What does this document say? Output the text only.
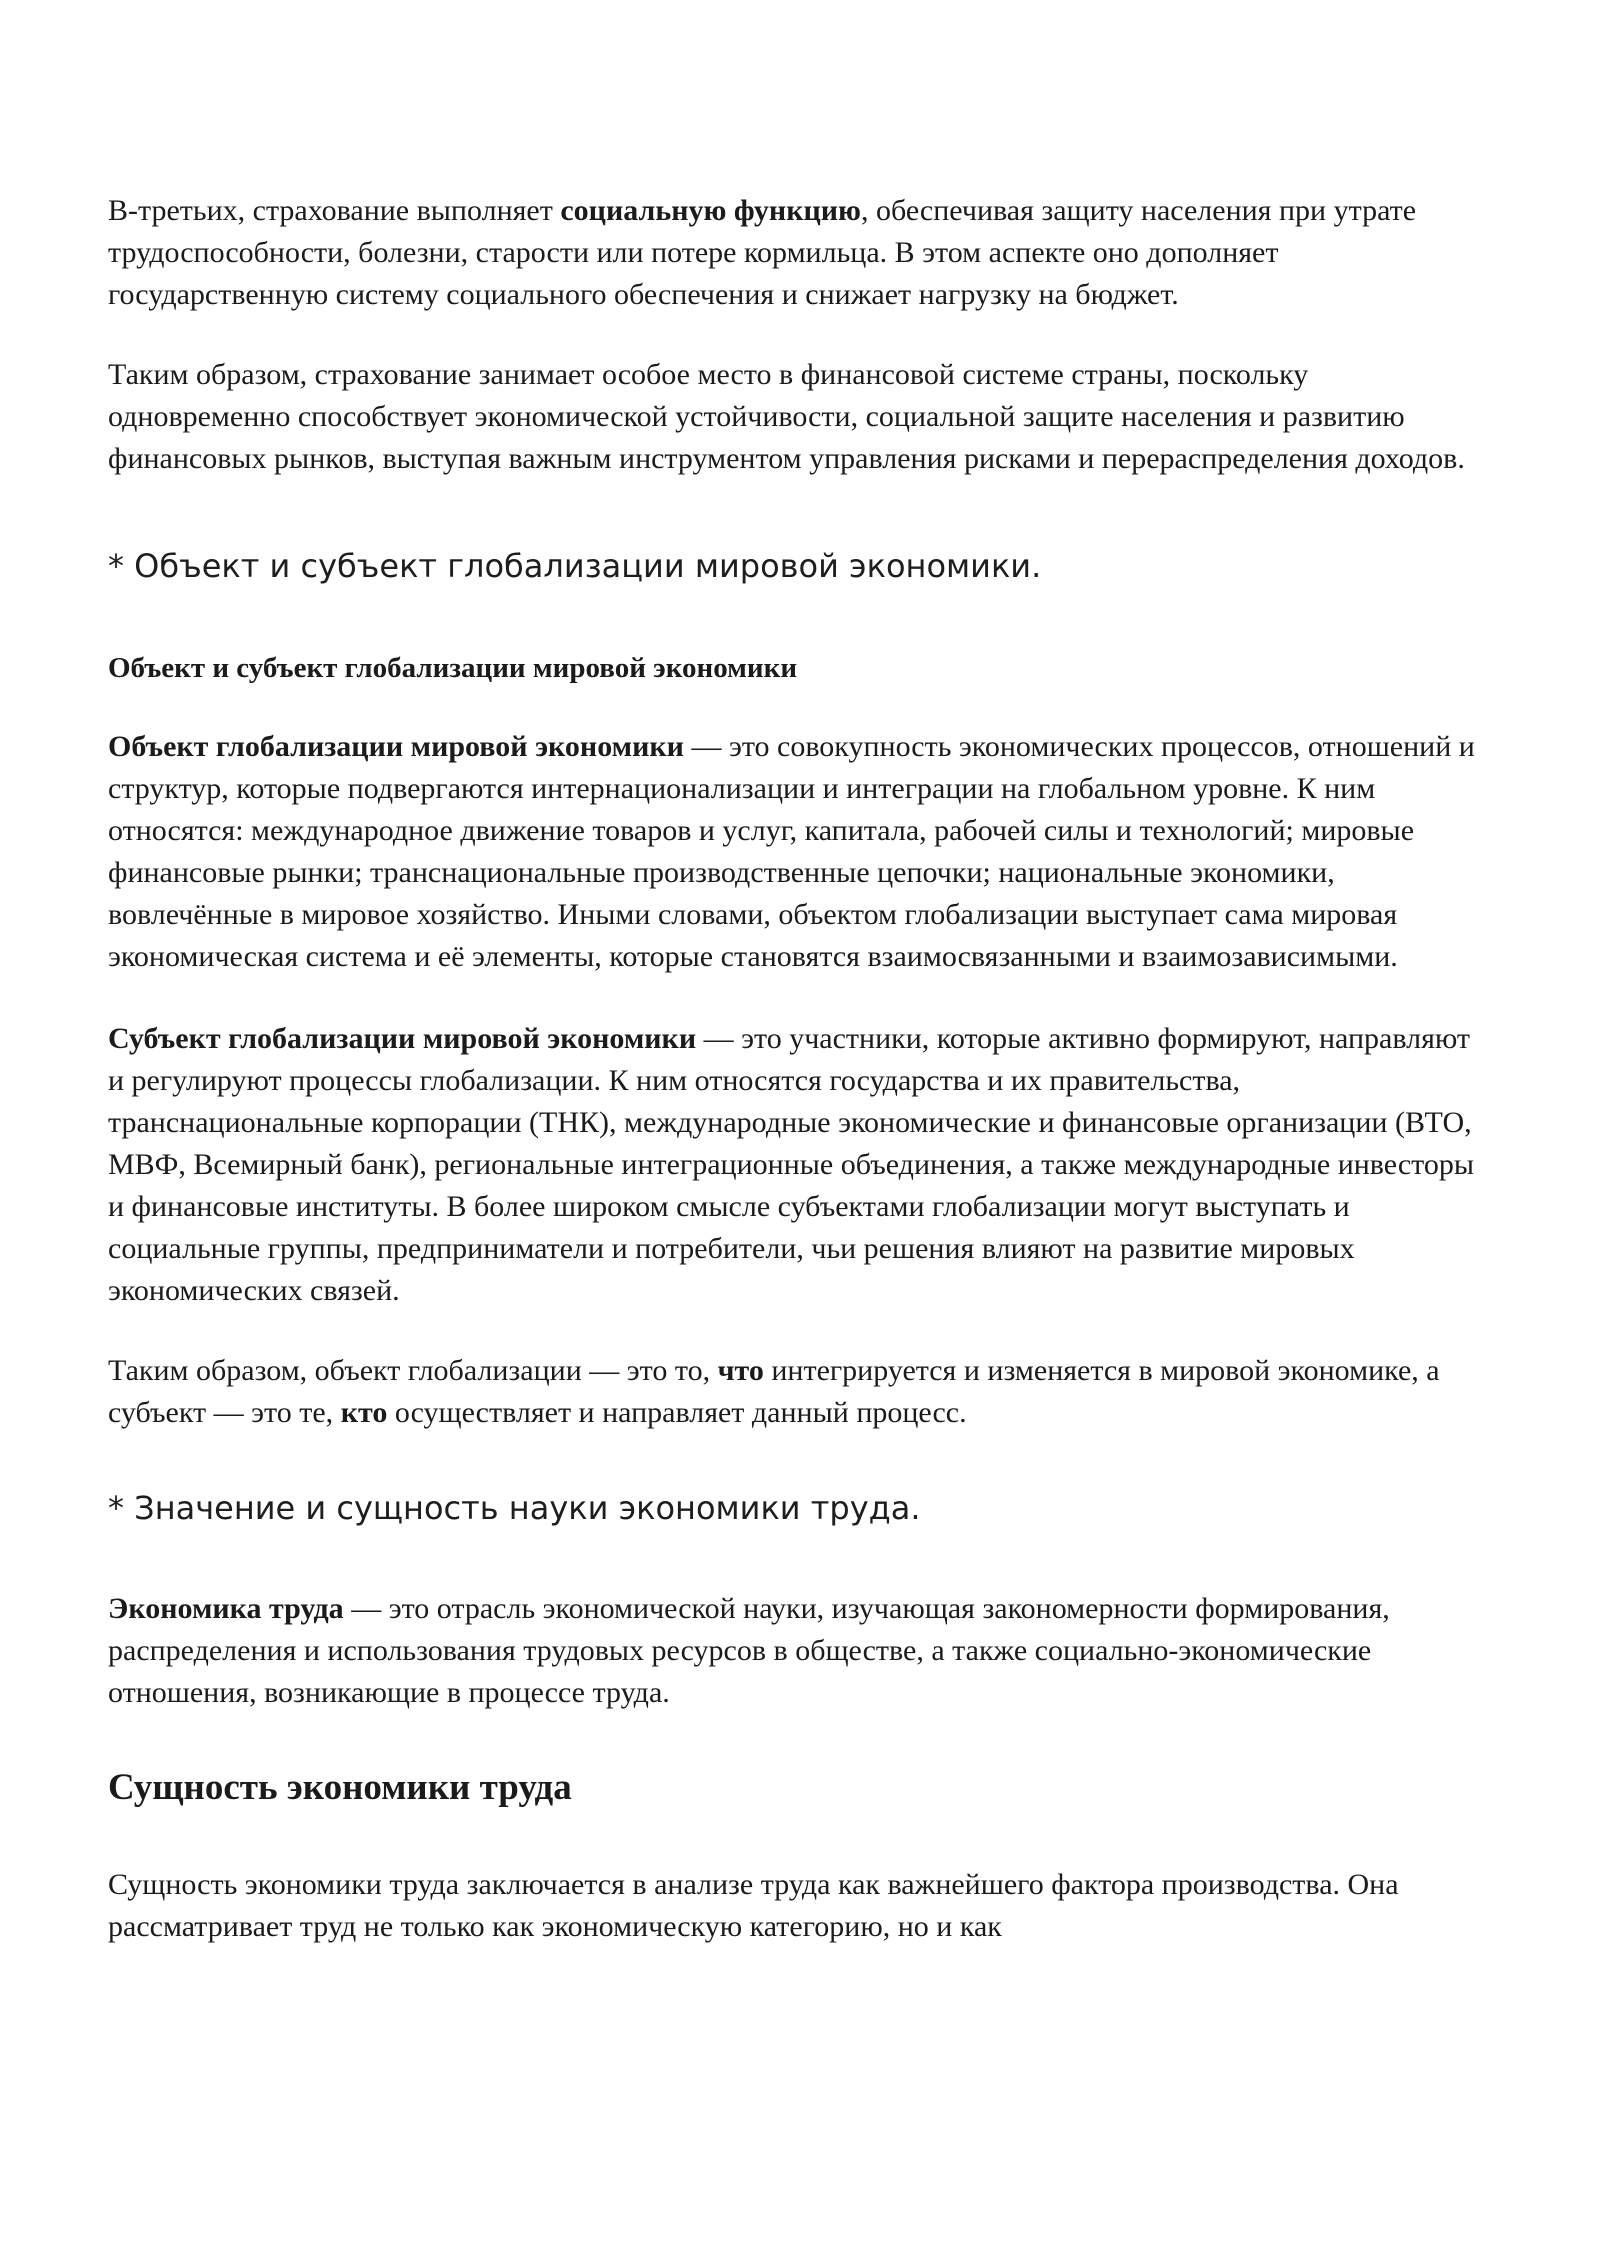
В-третьих, страхование выполняет социальную функцию, обеспечивая защиту населения при утрате трудоспособности, болезни, старости или потере кормильца. В этом аспекте оно дополняет государственную систему социального обеспечения и снижает нагрузку на бюджет.

Таким образом, страхование занимает особое место в финансовой системе страны, поскольку одновременно способствует экономической устойчивости, социальной защите населения и развитию финансовых рынков, выступая важным инструментом управления рисками и перераспределения доходов.

* Объект и субъект глобализации мировой экономики.
Объект и субъект глобализации мировой экономики

Объект глобализации мировой экономики — это совокупность экономических процессов, отношений и структур, которые подвергаются интернационализации и интеграции на глобальном уровне. К ним относятся: международное движение товаров и услуг, капитала, рабочей силы и технологий; мировые финансовые рынки; транснациональные производственные цепочки; национальные экономики, вовлечённые в мировое хозяйство. Иными словами, объектом глобализации выступает сама мировая экономическая система и её элементы, которые становятся взаимосвязанными и взаимозависимыми.

Субъект глобализации мировой экономики — это участники, которые активно формируют, направляют и регулируют процессы глобализации. К ним относятся государства и их правительства, транснациональные корпорации (ТНК), международные экономические и финансовые организации (ВТО, МВФ, Всемирный банк), региональные интеграционные объединения, а также международные инвесторы и финансовые институты. В более широком смысле субъектами глобализации могут выступать и социальные группы, предприниматели и потребители, чьи решения влияют на развитие мировых экономических связей.

Таким образом, объект глобализации — это то, что интегрируется и изменяется в мировой экономике, а субъект — это те, кто осуществляет и направляет данный процесс.

* Значение и сущность науки экономики труда.

Экономика труда — это отрасль экономической науки, изучающая закономерности формирования, распределения и использования трудовых ресурсов в обществе, а также социально-экономические отношения, возникающие в процессе труда.

Сущность экономики труда

Сущность экономики труда заключается в анализе труда как важнейшего фактора производства. Она рассматривает труд не только как экономическую категорию, но и как
